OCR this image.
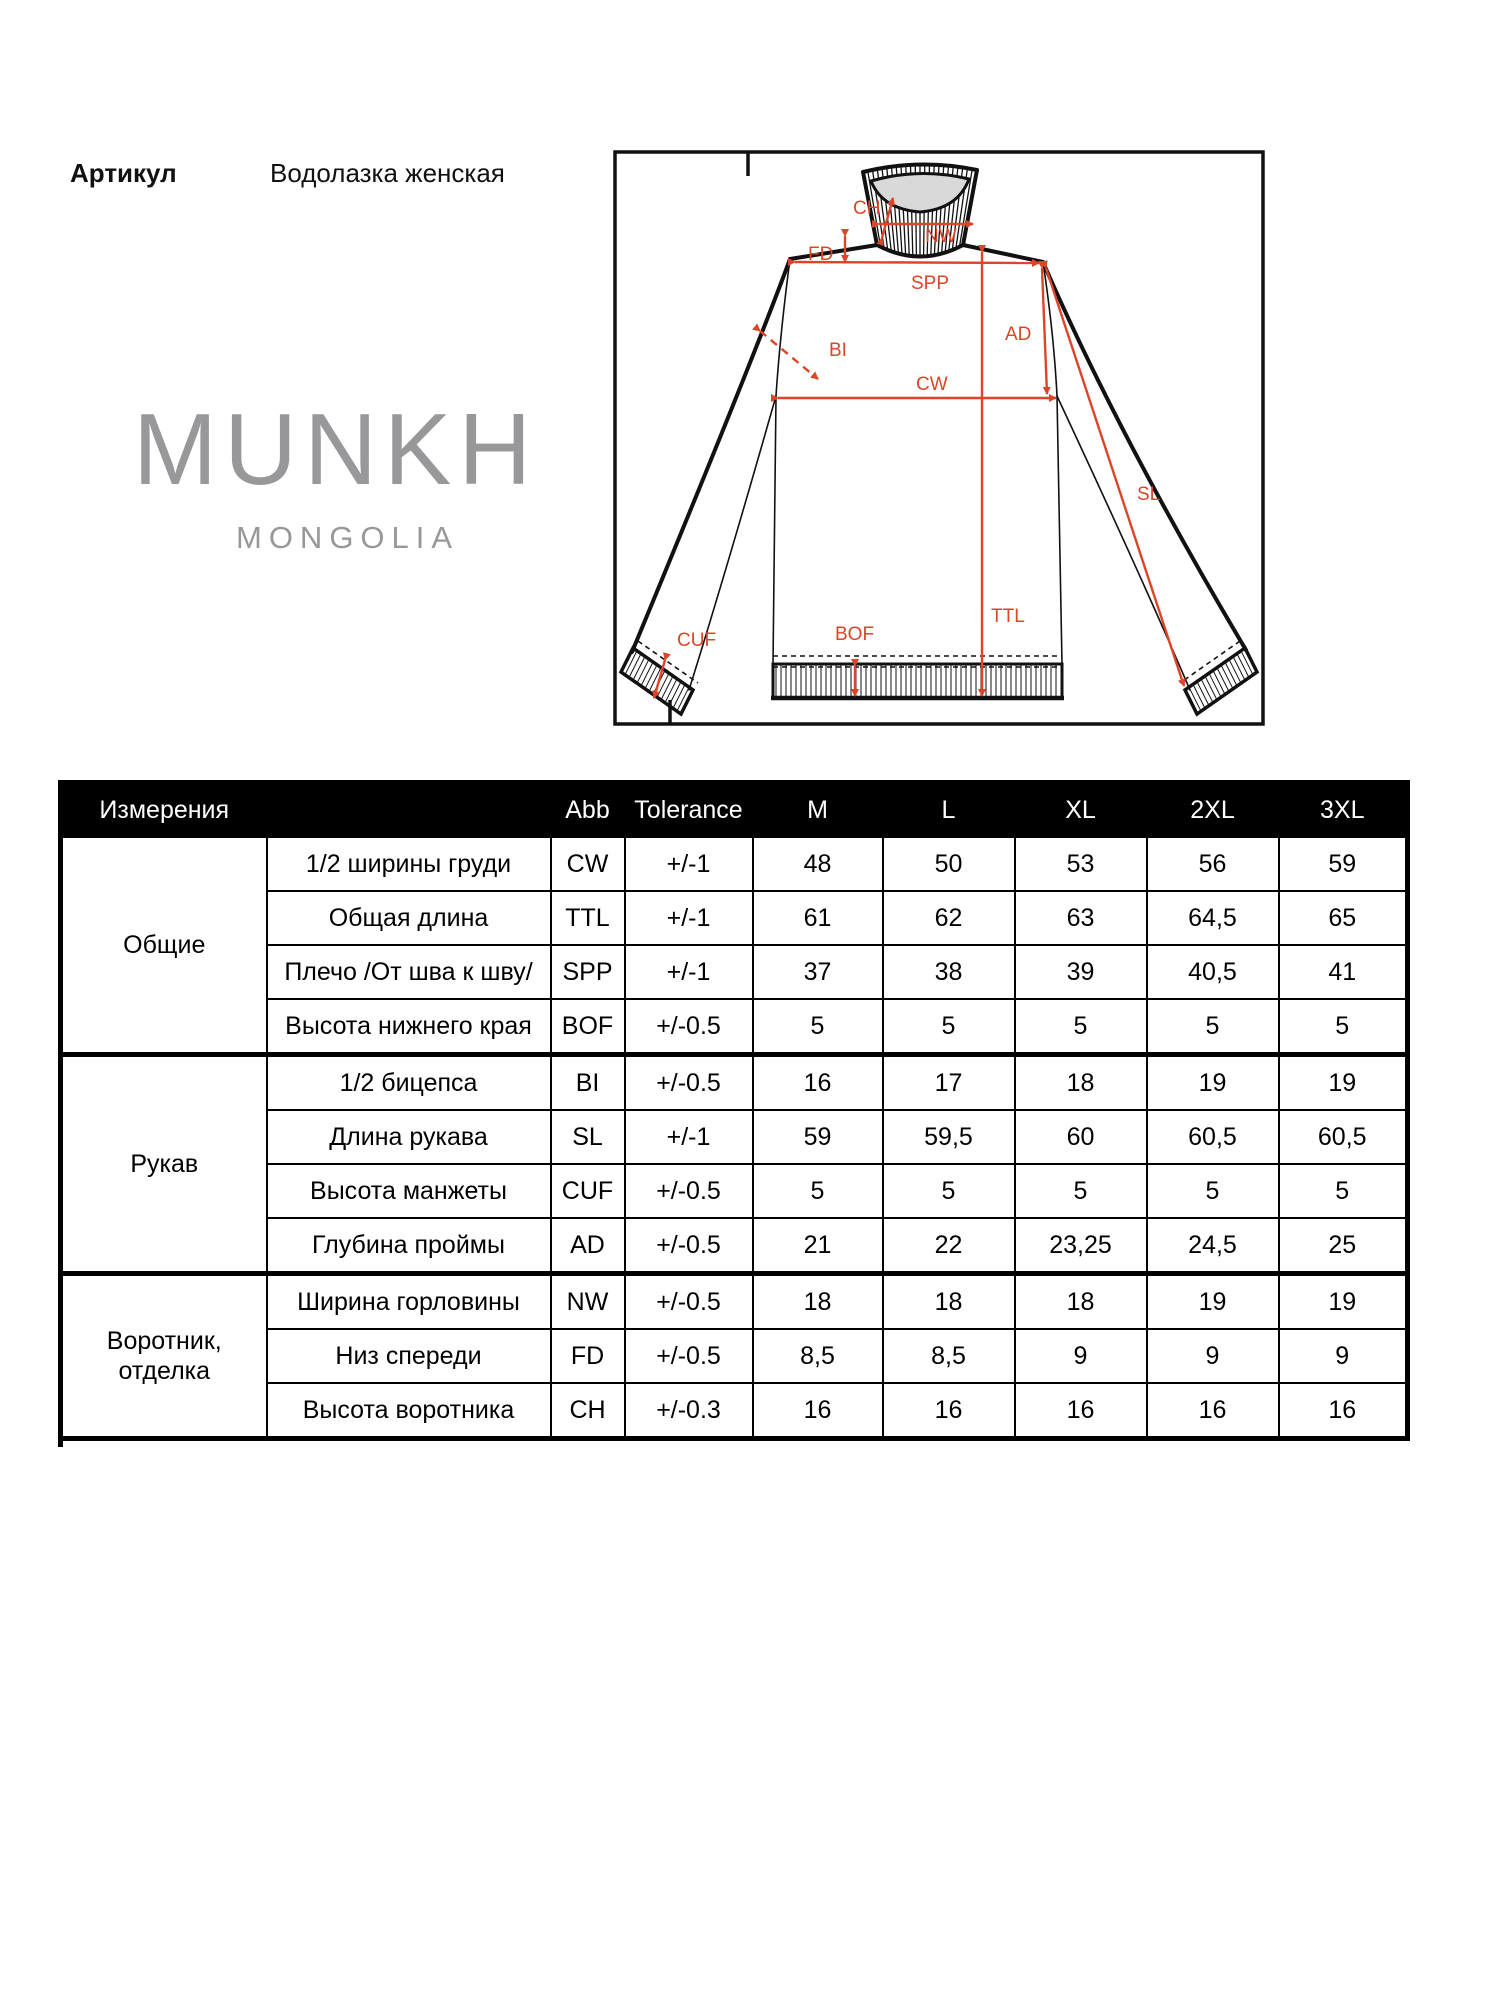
Артикул	Водолазка женская
MUNKH
MONGOLIA
CH
NW
FD
SPP
AD
BI
CW
SL
TTL
BOF
CUF
Измерения		Abb	Tolerance	M	L	XL	2XL	3XL
Общие	1/2 ширины груди	CW	+/-1	48	50	53	56	59
	Общая длина	TTL	+/-1	61	62	63	64,5	65
	Плечо /От шва к шву/	SPP	+/-1	37	38	39	40,5	41
	Высота нижнего края	BOF	+/-0.5	5	5	5	5	5
Рукав	1/2 бицепса	BI	+/-0.5	16	17	18	19	19
	Длина рукава	SL	+/-1	59	59,5	60	60,5	60,5
	Высота манжеты	CUF	+/-0.5	5	5	5	5	5
	Глубина проймы	AD	+/-0.5	21	22	23,25	24,5	25
Воротник, отделка	Ширина горловины	NW	+/-0.5	18	18	18	19	19
	Низ спереди	FD	+/-0.5	8,5	8,5	9	9	9
	Высота воротника	CH	+/-0.3	16	16	16	16	16
